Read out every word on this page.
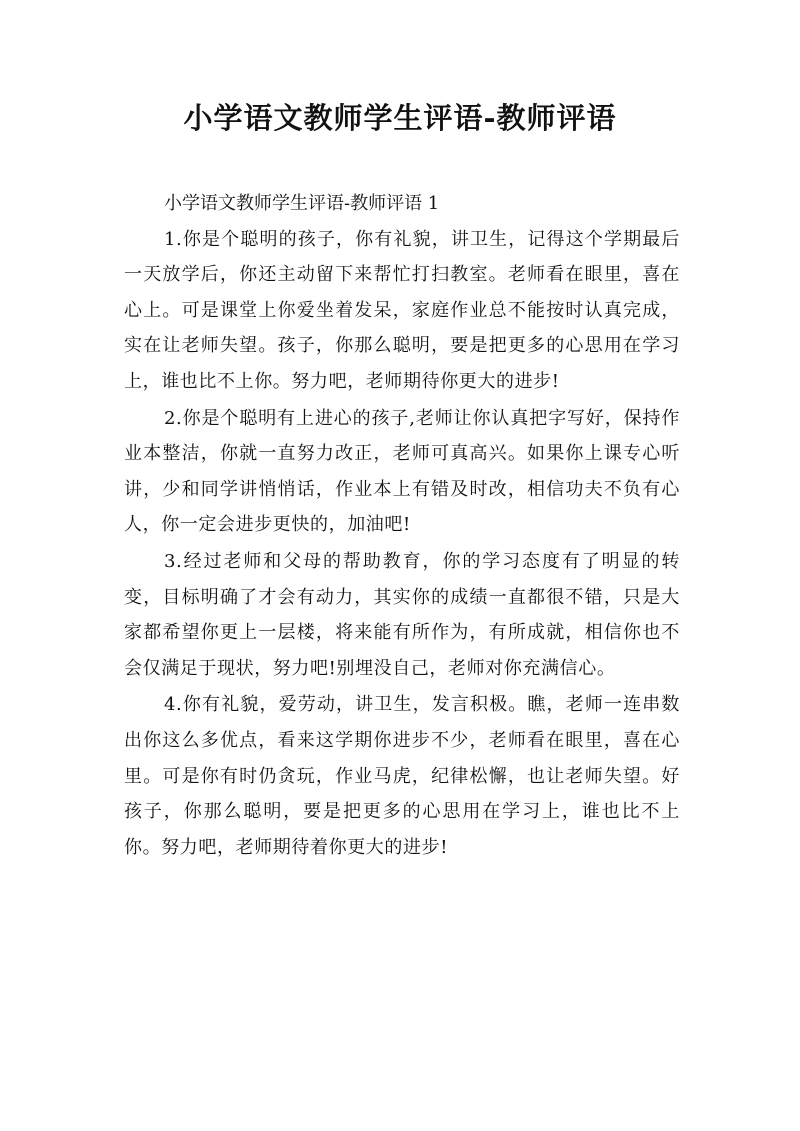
小学语文教师学生评语-教师评语

小学语文教师学生评语-教师评语 1

1.你是个聪明的孩子，你有礼貌，讲卫生，记得这个学期最后一天放学后，你还主动留下来帮忙打扫教室。老师看在眼里，喜在心上。可是课堂上你爱坐着发呆，家庭作业总不能按时认真完成，实在让老师失望。孩子，你那么聪明，要是把更多的心思用在学习上，谁也比不上你。努力吧，老师期待你更大的进步!

2.你是个聪明有上进心的孩子,老师让你认真把字写好，保持作业本整洁，你就一直努力改正，老师可真高兴。如果你上课专心听讲，少和同学讲悄悄话，作业本上有错及时改，相信功夫不负有心人，你一定会进步更快的，加油吧!

3.经过老师和父母的帮助教育，你的学习态度有了明显的转变，目标明确了才会有动力，其实你的成绩一直都很不错，只是大家都希望你更上一层楼，将来能有所作为，有所成就，相信你也不会仅满足于现状，努力吧!别埋没自己，老师对你充满信心。

4.你有礼貌，爱劳动，讲卫生，发言积极。瞧，老师一连串数出你这么多优点，看来这学期你进步不少，老师看在眼里，喜在心里。可是你有时仍贪玩，作业马虎，纪律松懈，也让老师失望。好孩子，你那么聪明，要是把更多的心思用在学习上，谁也比不上你。努力吧，老师期待着你更大的进步!
